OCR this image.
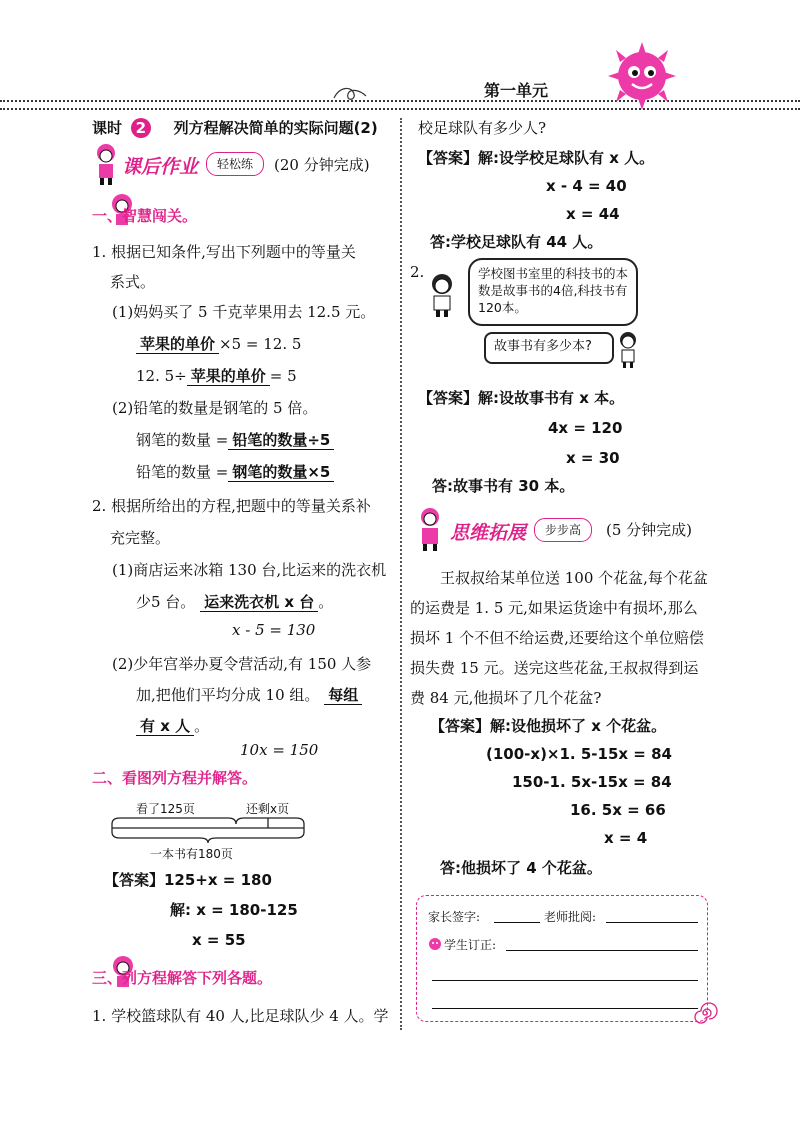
第一单元
课时 2 列方程解决简单的实际问题(2)
课后作业	轻松练	(20 分钟完成)
一、智慧闯关。
1. 根据已知条件,写出下列题中的等量关
系式。
(1)妈妈买了 5 千克苹果用去 12.5 元。
苹果的单价 ×5 = 12. 5
12. 5÷ 苹果的单价 = 5
(2)铅笔的数量是钢笔的 5 倍。
钢笔的数量 = 铅笔的数量÷5
铅笔的数量 = 钢笔的数量×5
2. 根据所给出的方程,把题中的等量关系补
充完整。
(1)商店运来冰箱 130 台,比运来的洗衣机
少5 台。 运来洗衣机 x 台 。
x - 5 = 130
(2)少年宫举办夏令营活动,有 150 人参
加,把他们平均分成 10 组。 每组
有 x 人 。
10x = 150
二、看图列方程并解答。
看了125页	还剩x页
一本书有180页
【答案】125+x = 180
解: x = 180-125
x = 55
三、列方程解答下列各题。
1. 学校篮球队有 40 人,比足球队少 4 人。学
校足球队有多少人?
【答案】解:设学校足球队有 x 人。
x - 4 = 40
x = 44
答:学校足球队有 44 人。
2.	学校图书室里的科技书的本数是故事书的4倍,科技书有120本。
故事书有多少本?
【答案】解:设故事书有 x 本。
4x = 120
x = 30
答:故事书有 30 本。
思维拓展	步步高	(5 分钟完成)
王叔叔给某单位送 100 个花盆,每个花盆
的运费是 1. 5 元,如果运货途中有损坏,那么
损坏 1 个不但不给运费,还要给这个单位赔偿
损失费 15 元。送完这些花盆,王叔叔得到运
费 84 元,他损坏了几个花盆?
【答案】解:设他损坏了 x 个花盆。
(100-x)×1. 5-15x = 84
150-1. 5x-15x = 84
16. 5x = 66
x = 4
答:他损坏了 4 个花盆。
家长签字:	老师批阅:
学生订正:
